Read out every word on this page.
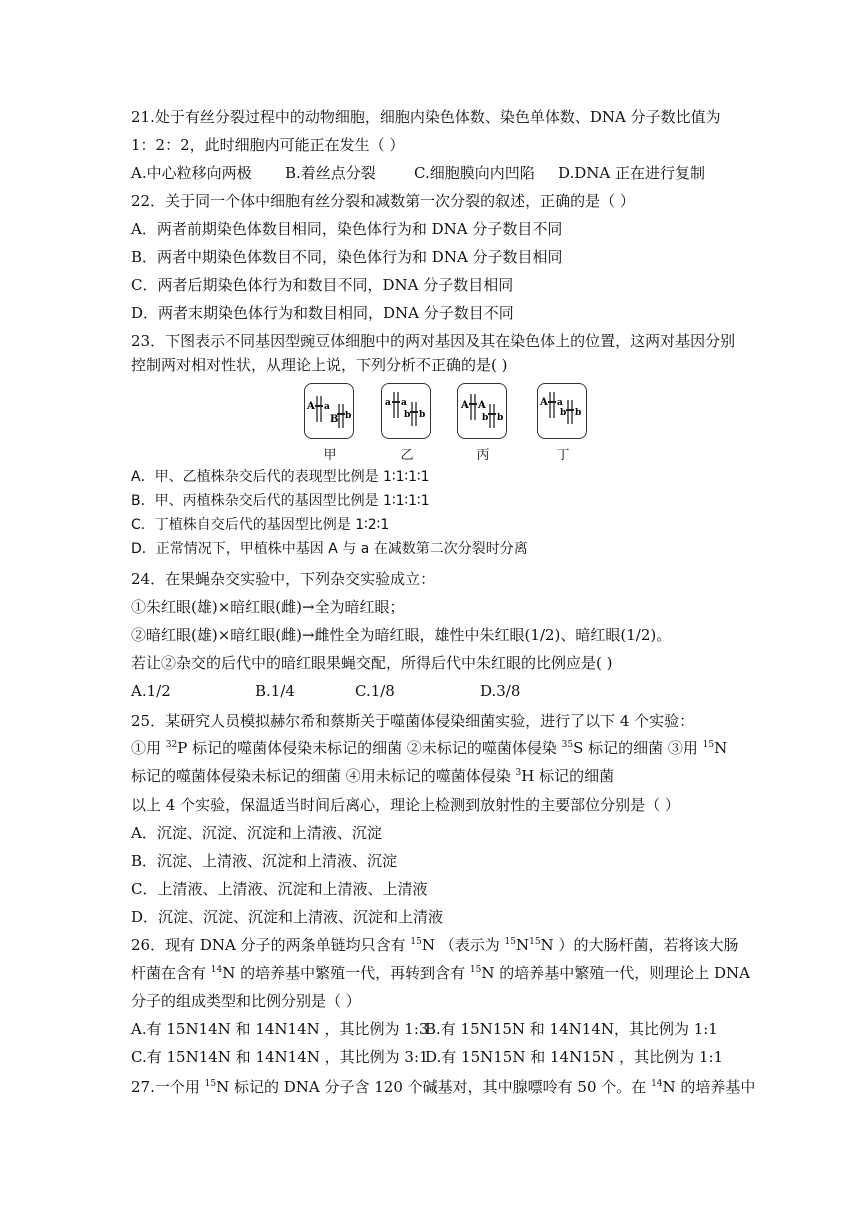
21.处于有丝分裂过程中的动物细胞，细胞内染色体数、染色单体数、DNA 分子数比值为
1：2：2，此时细胞内可能正在发生（ ）
A.中心粒移向两极 B.着丝点分裂	C.细胞膜向内凹陷 D.DNA 正在进行复制
22．关于同一个体中细胞有丝分裂和减数第一次分裂的叙述，正确的是（ ）
A．两者前期染色体数目相同，染色体行为和 DNA 分子数目不同
B．两者中期染色体数目不同，染色体行为和 DNA 分子数目相同
C．两者后期染色体行为和数目不同，DNA 分子数目相同
D．两者末期染色体行为和数目相同，DNA 分子数目不同
23．下图表示不同基因型豌豆体细胞中的两对基因及其在染色体上的位置，这两对基因分别
控制两对相对性状，从理论上说，下列分析不正确的是( )
A a
B b
甲
a a
b b
乙
A A
b b
丙
A a
b b
丁
A．甲、乙植株杂交后代的表现型比例是 1∶1∶1∶1
B．甲、丙植株杂交后代的基因型比例是 1∶1∶1∶1
C．丁植株自交后代的基因型比例是 1∶2∶1
D．正常情况下，甲植株中基因 A 与 a 在减数第二次分裂时分离
24．在果蝇杂交实验中，下列杂交实验成立：
①朱红眼(雄)×暗红眼(雌)→全为暗红眼；
②暗红眼(雄)×暗红眼(雌)→雌性全为暗红眼，雄性中朱红眼(1/2)、暗红眼(1/2)。
若让②杂交的后代中的暗红眼果蝇交配，所得后代中朱红眼的比例应是( )
A.1/2	B.1/4	C.1/8	D.3/8
25．某研究人员模拟赫尔希和蔡斯关于噬菌体侵染细菌实验，进行了以下 4 个实验：
①用 $^{32}$P 标记的噬菌体侵染未标记的细菌 ②未标记的噬菌体侵染 $^{35}$S 标记的细菌 ③用 $^{15}$N
标记的噬菌体侵染未标记的细菌 ④用未标记的噬菌体侵染 $^3$H 标记的细菌
以上 4 个实验，保温适当时间后离心，理论上检测到放射性的主要部位分别是（ ）
A．沉淀、沉淀、沉淀和上清液、沉淀
B．沉淀、上清液、沉淀和上清液、沉淀
C．上清液、上清液、沉淀和上清液、上清液
D．沉淀、沉淀、沉淀和上清液、沉淀和上清液
26．现有 DNA 分子的两条单链均只含有 $^{15}$N （表示为 $^{15}N^{15}N$ ）的大肠杆菌，若将该大肠
杆菌在含有 $^{14}$N 的培养基中繁殖一代，再转到含有 $^{15}$N 的培养基中繁殖一代，则理论上 DNA
分子的组成类型和比例分别是（ ）
A.有 15N14N 和 14N14N ，其比例为 1:3B.有 15N15N 和 14N14N，其比例为 1:1
C.有 15N14N 和 14N14N ，其比例为 3:1D.有 15N15N 和 14N15N ，其比例为 1:1
27.一个用 $^{15}$N 标记的 DNA 分子含 120 个碱基对，其中腺嘌呤有 50 个。在 $^{14}$N 的培养基中
